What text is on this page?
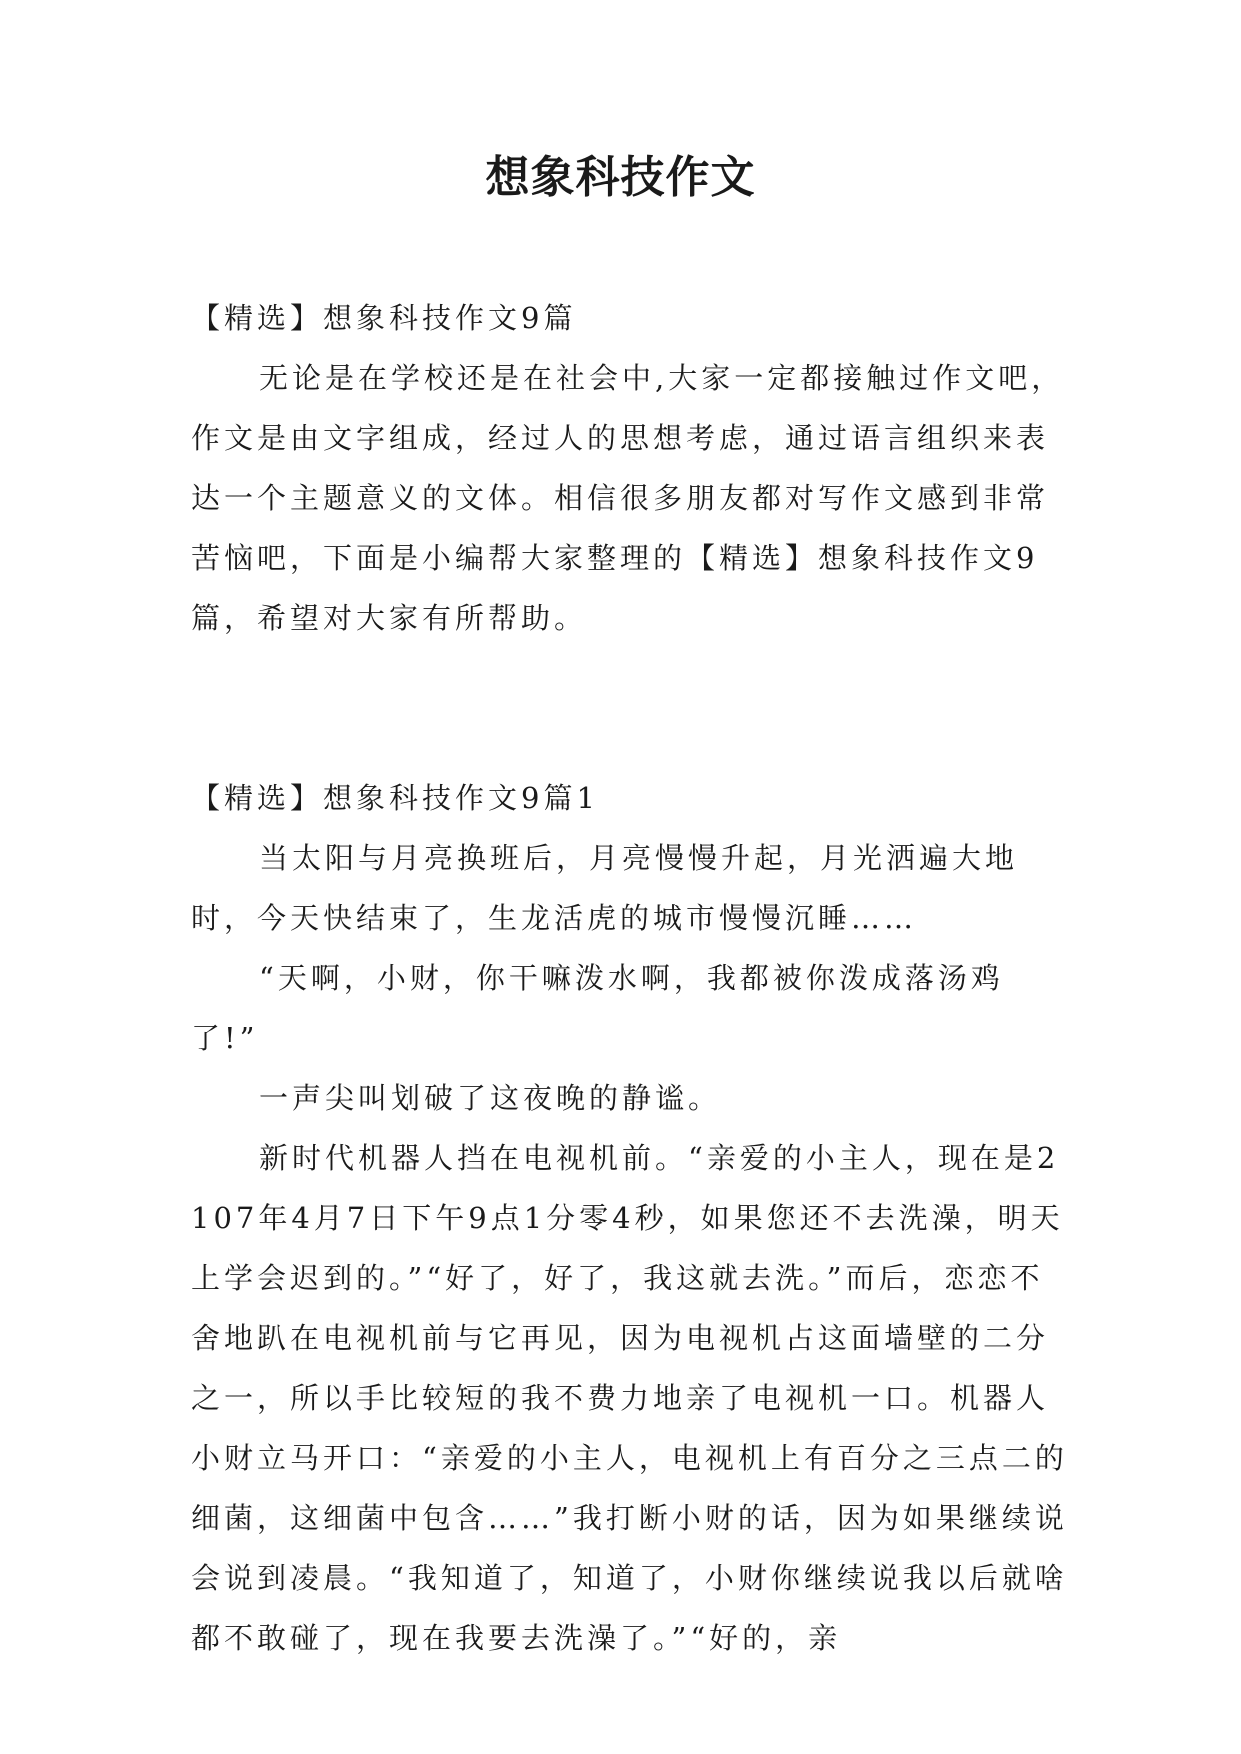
想象科技作文

【精选】想象科技作文9篇

无论是在学校还是在社会中,大家一定都接触过作文吧，作文是由文字组成，经过人的思想考虑，通过语言组织来表达一个主题意义的文体。相信很多朋友都对写作文感到非常苦恼吧，下面是小编帮大家整理的【精选】想象科技作文9篇，希望对大家有所帮助。

【精选】想象科技作文9篇1

当太阳与月亮换班后，月亮慢慢升起，月光洒遍大地时，今天快结束了，生龙活虎的城市慢慢沉睡……

“天啊，小财，你干嘛泼水啊，我都被你泼成落汤鸡了!”

一声尖叫划破了这夜晚的静谧。

新时代机器人挡在电视机前。“亲爱的小主人，现在是2107年4月7日下午9点1分零4秒，如果您还不去洗澡，明天上学会迟到的。”“好了，好了，我这就去洗。”而后，恋恋不舍地趴在电视机前与它再见，因为电视机占这面墙壁的二分之一，所以手比较短的我不费力地亲了电视机一口。机器人小财立马开口：“亲爱的小主人，电视机上有百分之三点二的细菌，这细菌中包含……”我打断小财的话，因为如果继续说会说到凌晨。“我知道了，知道了，小财你继续说我以后就啥都不敢碰了，现在我要去洗澡了。”“好的，亲
